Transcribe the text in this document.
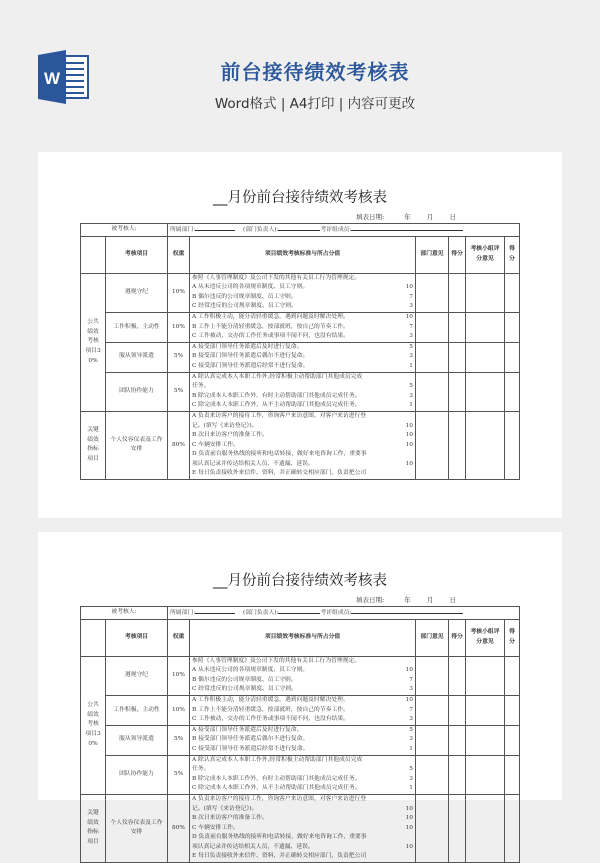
W	前台接待绩效考核表
Word格式 | A4打印 | 内容可更改
__月份前台接待绩效考核表
填表日期:	年 月 日
被考核人:		所属部门: (部门负责人): 考评组成员:					
	考核项目	权重	项目绩效考核标准与所占分值	部门意见	得分	考核小组评分意见	得分
公共绩效考核项目30%	遵规守纪	10%	
参照《人事管理制度》及公司下发的其他有关员工行为管理规定。
A 从未违反公司的各项规章制度、员工守则。	10
B 偶尔违反的公司规章制度、员工守则。	7
C 经常违反的公司规章制度、员工守则。	3

工作积极、主动性	10%	
A 工作积极主动，能分清轻重缓急，遇到问题及时解决处理。	10
B 工作上不能分清轻重缓急，按部就班，按自己的节奏工作。	7
C 工作被动，交办的工作任务或事项不闻不问，也没有结果。	3

服从领导派遣	5%	
A 接受部门领导任务派遣后及时进行复命。	5
B 接受部门领导任务派遣后偶尔不进行复命。	3
C 接受部门领导任务派遣后经常不进行复命。	1

团队协作能力	5%	
A 除认真完成本人本职工作外,经常积极主动帮助部门其他成员完成
任务。	5
B 除完成本人本职工作外，有时主动帮助部门其他成员完成任务。	3
C 除完成本人本职工作外，从不主动帮助部门其他成员完成任务。	1

关键绩效指标项目	个人仪容仪表及工作安排	80%	
A 负责来访客户的接待工作，咨询客户来访意图，对客户来访进行登
记。(填写《来访登记》)。	10
B 次日来访客户的准备工作。	10
C 车辆安排工作。	10
D 负责前台服务热线的接听和电话转接，做好来电咨询工作，重要事
项认真记录并传达给相关人员，不遗漏、延误。	10
E 每日负责接收外来信件、资料，并正确转交相应部门，负责把公司

__月份前台接待绩效考核表
填表日期:	年 月 日
被考核人:		所属部门: (部门负责人): 考评组成员:					
	考核项目	权重	项目绩效考核标准与所占分值	部门意见	得分	考核小组评分意见	得分
公共绩效考核项目30%	遵规守纪	10%	
参照《人事管理制度》及公司下发的其他有关员工行为管理规定。
A 从未违反公司的各项规章制度、员工守则。	10
B 偶尔违反的公司规章制度、员工守则。	7
C 经常违反的公司规章制度、员工守则。	3

工作积极、主动性	10%	
A 工作积极主动，能分清轻重缓急，遇到问题及时解决处理。	10
B 工作上不能分清轻重缓急，按部就班，按自己的节奏工作。	7
C 工作被动，交办的工作任务或事项不闻不问，也没有结果。	3

服从领导派遣	5%	
A 接受部门领导任务派遣后及时进行复命。	5
B 接受部门领导任务派遣后偶尔不进行复命。	3
C 接受部门领导任务派遣后经常不进行复命。	1

团队协作能力	5%	
A 除认真完成本人本职工作外,经常积极主动帮助部门其他成员完成
任务。	5
B 除完成本人本职工作外，有时主动帮助部门其他成员完成任务。	3
C 除完成本人本职工作外，从不主动帮助部门其他成员完成任务。	1

关键绩效指标项目	个人仪容仪表及工作安排	80%	
A 负责来访客户的接待工作，咨询客户来访意图，对客户来访进行登
记。(填写《来访登记》)。	10
B 次日来访客户的准备工作。	10
C 车辆安排工作。	10
D 负责前台服务热线的接听和电话转接，做好来电咨询工作，重要事
项认真记录并传达给相关人员，不遗漏、延误。	10
E 每日负责接收外来信件、资料，并正确转交相应部门，负责把公司
